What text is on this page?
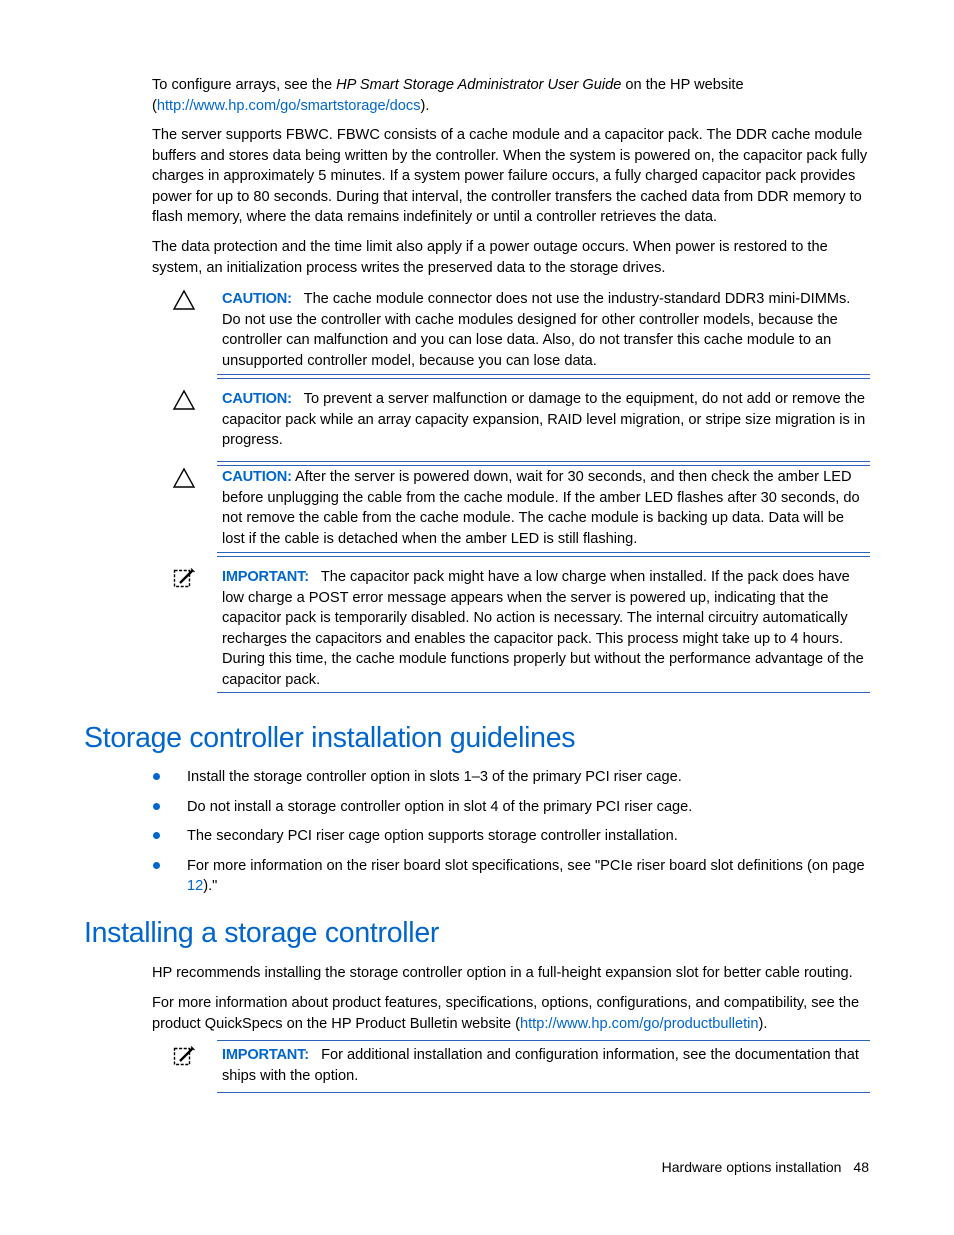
To configure arrays, see the HP Smart Storage Administrator User Guide on the HP website (http://www.hp.com/go/smartstorage/docs).

The server supports FBWC. FBWC consists of a cache module and a capacitor pack. The DDR cache module buffers and stores data being written by the controller. When the system is powered on, the capacitor pack fully charges in approximately 5 minutes. If a system power failure occurs, a fully charged capacitor pack provides power for up to 80 seconds. During that interval, the controller transfers the cached data from DDR memory to flash memory, where the data remains indefinitely or until a controller retrieves the data.

The data protection and the time limit also apply if a power outage occurs. When power is restored to the system, an initialization process writes the preserved data to the storage drives.

CAUTION: The cache module connector does not use the industry-standard DDR3 mini-DIMMs. Do not use the controller with cache modules designed for other controller models, because the controller can malfunction and you can lose data. Also, do not transfer this cache module to an unsupported controller model, because you can lose data.

CAUTION: To prevent a server malfunction or damage to the equipment, do not add or remove the capacitor pack while an array capacity expansion, RAID level migration, or stripe size migration is in progress.

CAUTION: After the server is powered down, wait for 30 seconds, and then check the amber LED before unplugging the cable from the cache module. If the amber LED flashes after 30 seconds, do not remove the cable from the cache module. The cache module is backing up data. Data will be lost if the cable is detached when the amber LED is still flashing.

IMPORTANT: The capacitor pack might have a low charge when installed. If the pack does have low charge a POST error message appears when the server is powered up, indicating that the capacitor pack is temporarily disabled. No action is necessary. The internal circuitry automatically recharges the capacitors and enables the capacitor pack. This process might take up to 4 hours. During this time, the cache module functions properly but without the performance advantage of the capacitor pack.

Storage controller installation guidelines
Install the storage controller option in slots 1–3 of the primary PCI riser cage.
Do not install a storage controller option in slot 4 of the primary PCI riser cage.
The secondary PCI riser cage option supports storage controller installation.
For more information on the riser board slot specifications, see "PCIe riser board slot definitions (on page 12)."
Installing a storage controller

HP recommends installing the storage controller option in a full-height expansion slot for better cable routing.

For more information about product features, specifications, options, configurations, and compatibility, see the product QuickSpecs on the HP Product Bulletin website (http://www.hp.com/go/productbulletin).

IMPORTANT: For additional installation and configuration information, see the documentation that ships with the option.

Hardware options installation 48
